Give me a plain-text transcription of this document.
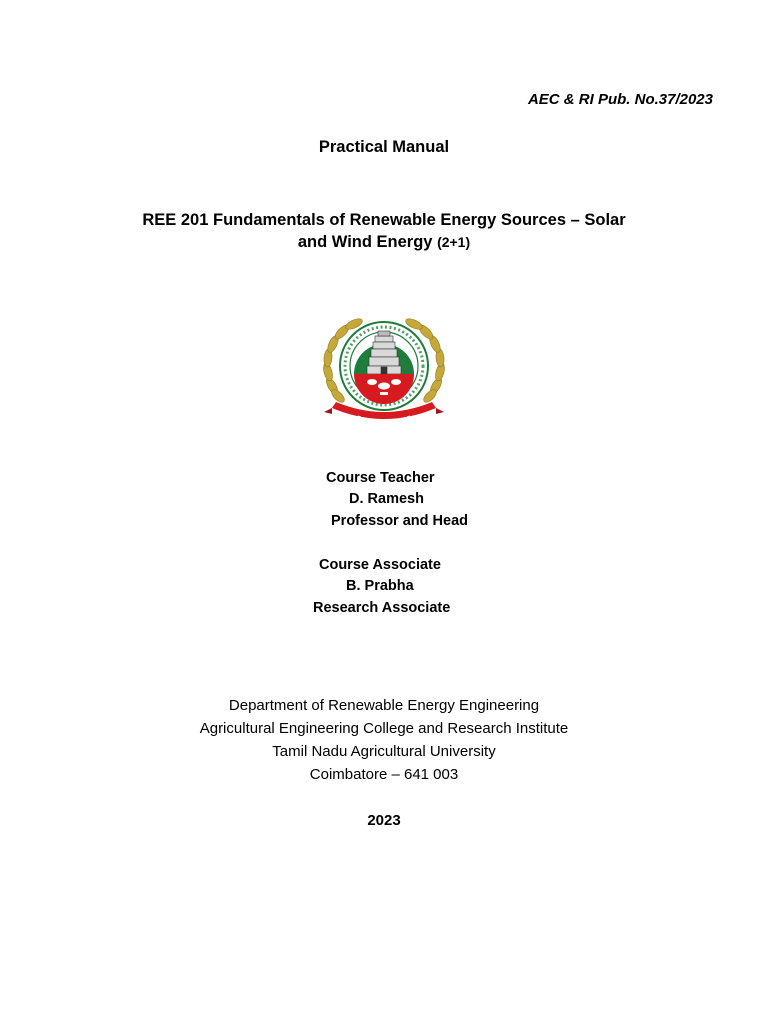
AEC & RI Pub. No.37/2023
Practical Manual
REE 201 Fundamentals of Renewable Energy Sources – Solar
and Wind Energy (2+1)
Course Teacher
D. Ramesh
Professor and Head
Course Associate
B. Prabha
Research Associate
Department of Renewable Energy Engineering
Agricultural Engineering College and Research Institute
Tamil Nadu Agricultural University
Coimbatore – 641 003
2023
